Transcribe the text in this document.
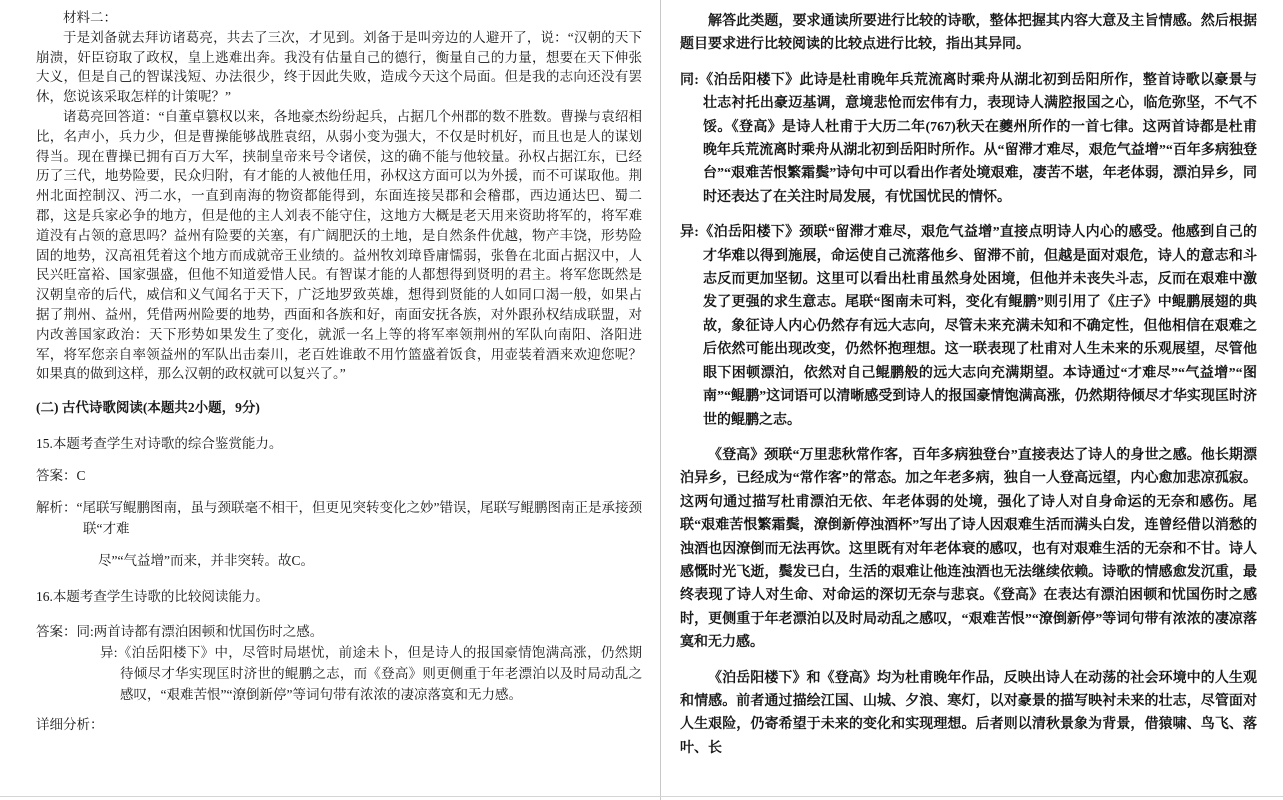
材料二：

于是刘备就去拜访诸葛亮，共去了三次，才见到。刘备于是叫旁边的人避开了，说：“汉朝的天下崩溃，奸臣窃取了政权，皇上逃难出奔。我没有估量自己的德行，衡量自己的力量，想要在天下伸张大义，但是自己的智谋浅短、办法很少，终于因此失败，造成今天这个局面。但是我的志向还没有罢休，您说该采取怎样的计策呢？”

诸葛亮回答道：“自董卓篡权以来，各地豪杰纷纷起兵，占据几个州郡的数不胜数。曹操与袁绍相比，名声小，兵力少，但是曹操能够战胜袁绍，从弱小变为强大，不仅是时机好，而且也是人的谋划得当。现在曹操已拥有百万大军，挟制皇帝来号令诸侯，这的确不能与他较量。孙权占据江东，已经历了三代，地势险要，民众归附，有才能的人被他任用，孙权这方面可以为外援，而不可谋取他。荆州北面控制汉、沔二水，一直到南海的物资都能得到，东面连接吴郡和会稽郡，西边通达巴、蜀二郡，这是兵家必争的地方，但是他的主人刘表不能守住，这地方大概是老天用来资助将军的，将军难道没有占领的意思吗？益州有险要的关塞，有广阔肥沃的土地，是自然条件优越，物产丰饶，形势险固的地势，汉高祖凭着这个地方而成就帝王业绩的。益州牧刘璋昏庸懦弱，张鲁在北面占据汉中，人民兴旺富裕、国家强盛，但他不知道爱惜人民。有智谋才能的人都想得到贤明的君主。将军您既然是汉朝皇帝的后代，威信和义气闻名于天下，广泛地罗致英雄，想得到贤能的人如同口渴一般，如果占据了荆州、益州，凭借两州险要的地势，西面和各族和好，南面安抚各族，对外跟孙权结成联盟，对内改善国家政治：天下形势如果发生了变化，就派一名上等的将军率领荆州的军队向南阳、洛阳进军，将军您亲自率领益州的军队出击秦川，老百姓谁敢不用竹篮盛着饭食，用壶装着酒来欢迎您呢？如果真的做到这样，那么汉朝的政权就可以复兴了。”

(二) 古代诗歌阅读(本题共2小题，9分)
15.本题考查学生对诗歌的综合鉴赏能力。
答案：C
解析：“尾联写鲲鹏图南，虽与颈联毫不相干，但更见突转变化之妙”错误，尾联写鲲鹏图南正是承接颈联“才难
尽”“气益增”而来，并非突转。故C。
16.本题考查学生诗歌的比较阅读能力。
答案：同:两首诗都有漂泊困顿和忧国伤时之感。
异:《泊岳阳楼下》中，尽管时局堪忧，前途未卜，但是诗人的报国豪情饱满高涨，仍然期待倾尽才华实现匡时济世的鲲鹏之志，而《登高》则更侧重于年老漂泊以及时局动乱之感叹，“艰难苦恨”“潦倒新停”等词句带有浓浓的凄凉落寞和无力感。
详细分析：

解答此类题，要求通读所要进行比较的诗歌，整体把握其内容大意及主旨情感。然后根据题目要求进行比较阅读的比较点进行比较，指出其异同。

同:《泊岳阳楼下》此诗是杜甫晚年兵荒流离时乘舟从湖北初到岳阳所作，整首诗歌以豪景与壮志衬托出豪迈基调，意境悲怆而宏伟有力，表现诗人满腔报国之心，临危弥坚，不气不馁。《登高》是诗人杜甫于大历二年(767)秋天在夔州所作的一首七律。这两首诗都是杜甫晚年兵荒流离时乘舟从湖北初到岳阳时所作。从“留滞才难尽，艰危气益增”“百年多病独登台”“艰难苦恨繁霜鬓”诗句中可以看出作者处境艰难，凄苦不堪，年老体弱，漂泊异乡，同时还表达了在关注时局发展，有忧国忧民的情怀。

异:《泊岳阳楼下》颈联“留滞才难尽，艰危气益增”直接点明诗人内心的感受。他感到自己的才华难以得到施展，命运使自己流落他乡、留滞不前，但越是面对艰危，诗人的意志和斗志反而更加坚韧。这里可以看出杜甫虽然身处困境，但他并未丧失斗志，反而在艰难中激发了更强的求生意志。尾联“图南未可料，变化有鲲鹏”则引用了《庄子》中鲲鹏展翅的典故，象征诗人内心仍然存有远大志向，尽管未来充满未知和不确定性，但他相信在艰难之后依然可能出现改变，仍然怀抱理想。这一联表现了杜甫对人生未来的乐观展望，尽管他眼下困顿漂泊，依然对自己鲲鹏般的远大志向充满期望。本诗通过“才难尽”“气益增”“图南”“鲲鹏”这词语可以清晰感受到诗人的报国豪情饱满高涨，仍然期待倾尽才华实现匡时济世的鲲鹏之志。

《登高》颈联“万里悲秋常作客，百年多病独登台”直接表达了诗人的身世之感。他长期漂泊异乡，已经成为“常作客”的常态。加之年老多病，独自一人登高远望，内心愈加悲凉孤寂。这两句通过描写杜甫漂泊无依、年老体弱的处境，强化了诗人对自身命运的无奈和感伤。尾联“艰难苦恨繁霜鬓，潦倒新停浊酒杯”写出了诗人因艰难生活而满头白发，连曾经借以消愁的浊酒也因潦倒而无法再饮。这里既有对年老体衰的感叹，也有对艰难生活的无奈和不甘。诗人感慨时光飞逝，鬓发已白，生活的艰难让他连浊酒也无法继续依赖。诗歌的情感愈发沉重，最终表现了诗人对生命、对命运的深切无奈与悲哀。《登高》在表达有漂泊困顿和忧国伤时之感时，更侧重于年老漂泊以及时局动乱之感叹，“艰难苦恨”“潦倒新停”等词句带有浓浓的凄凉落寞和无力感。

《泊岳阳楼下》和《登高》均为杜甫晚年作品，反映出诗人在动荡的社会环境中的人生观和情感。前者通过描绘江国、山城、夕浪、寒灯，以对豪景的描写映衬未来的壮志，尽管面对人生艰险，仍寄希望于未来的变化和实现理想。后者则以清秋景象为背景，借猿啸、鸟飞、落叶、长
